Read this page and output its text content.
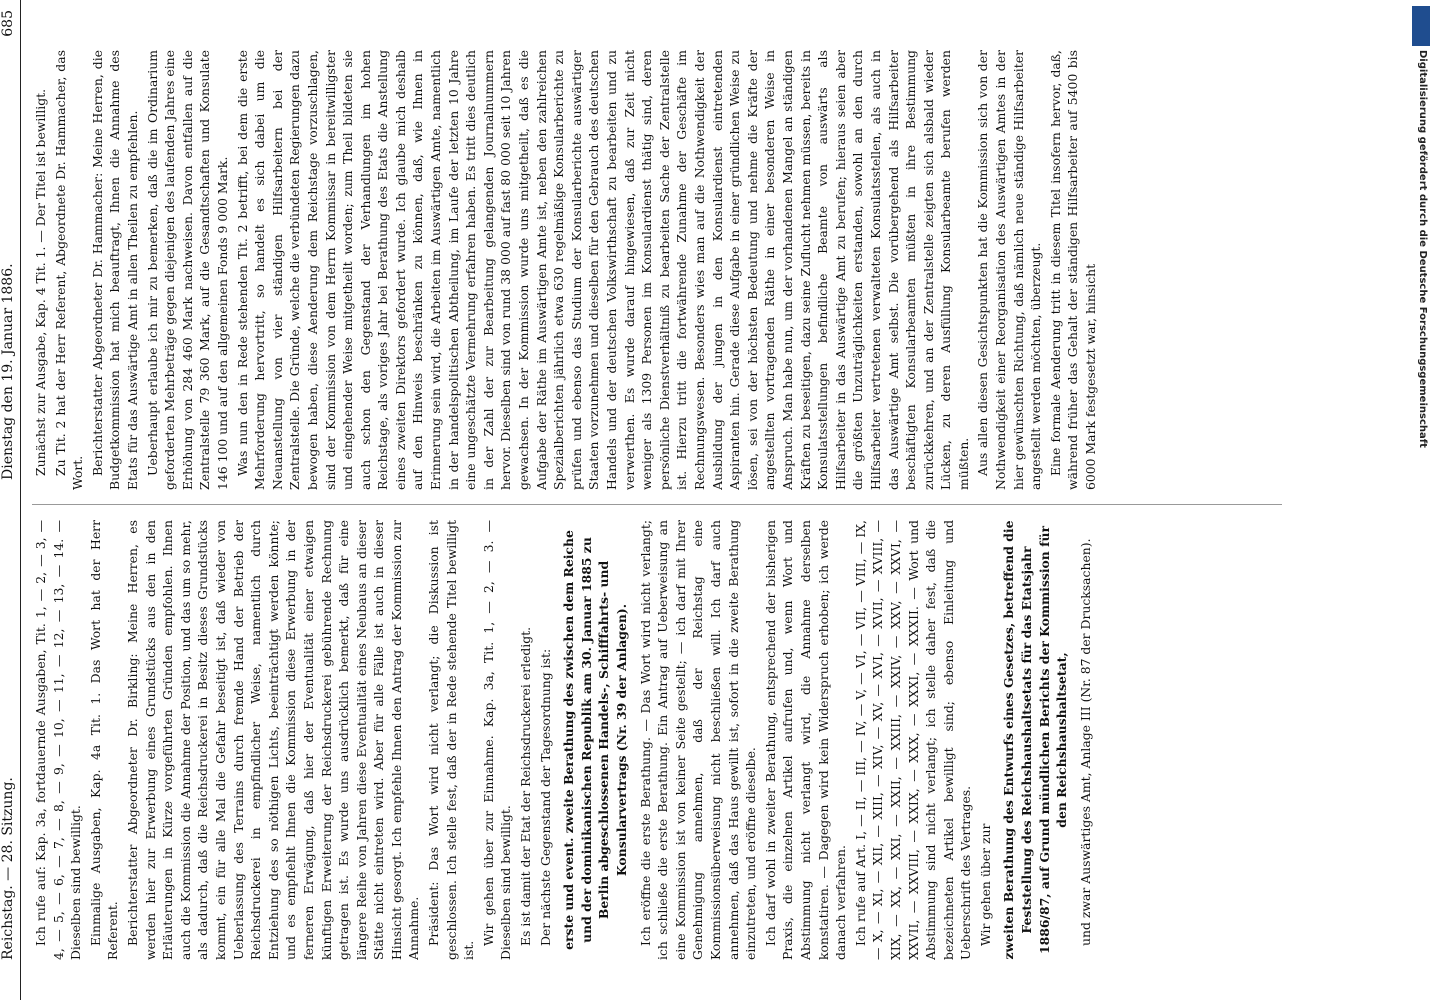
Reichstag. — 28. Sitzung.
Dienstag den 19. Januar 1886.
685

Ich rufe auf: Kap. 3a, fortdauernde Ausgaben, Tit. 1, — 2, — 3, — 4, — 5, — 6, — 7, — 8, — 9, — 10, — 11, — 12, — 13, — 14. — Dieselben sind bewilligt. Einmalige Ausgaben, Kap. 4a Tit. 1. Das Wort hat der Herr Referent. Berichterstatter Abgeordneter Dr. Birkling: Meine Herren, es werden hier zur Erwerbung eines Grundstücks aus den in den Erläuterungen in Kürze vorgeführten Gründen empfohlen. Ihnen auch die Kommission die Annahme der Position, und das um so mehr, als dadurch, daß die Reichsdruckerei in Besitz dieses Grundstücks kommt, ein für alle Mal die Gefahr beseitigt ist, daß wieder von Ueberlassung des Terrains durch fremde Hand der Betrieb der Reichsdruckerei in empfindlicher Weise, namentlich durch Entziehung des so nöthigen Lichts, beeinträchtigt werden könnte; und es empfiehlt Ihnen die Kommission diese Erwerbung in der ferneren Erwägung, daß hier der Eventualität einer etwaigen künftigen Erweiterung der Reichsdruckerei gebührende Rechnung getragen ist. Es wurde uns ausdrücklich bemerkt, daß für eine längere Reihe von Jahren diese Eventualität eines Neubaus an dieser Stätte nicht eintreten wird. Aber für alle Fälle ist auch in dieser Hinsicht gesorgt. Ich empfehle Ihnen den Antrag der Kommission zur Annahme. Präsident: Das Wort wird nicht verlangt; die Diskussion ist geschlossen. Ich stelle fest, daß der in Rede stehende Titel bewilligt ist.

Wir gehen über zur Einnahme. Kap. 3a, Tit. 1, — 2, — 3. — Dieselben sind bewilligt. Es ist damit der Etat der Reichsdruckerei erledigt. Der nächste Gegenstand der Tagesordnung ist: erste und event. zweite Berathung des zwischen dem Reiche und der dominikanischen Republik am 30. Januar 1885 zu Berlin abgeschlossenen Handels-, Schifffahrts- und Konsularvertrags (Nr. 39 der Anlagen). Ich eröffne die erste Berathung. — Das Wort wird nicht verlangt; ich schließe die erste Berathung. Ein Antrag auf Ueberweisung an eine Kommission ist von keiner Seite gestellt; — ich darf mit Ihrer Genehmigung annehmen, daß der Reichstag eine Kommissionsüberweisung nicht beschließen will. Ich darf auch annehmen, daß das Haus gewillt ist, sofort in die zweite Berathung einzutreten, und eröffne dieselbe. Ich darf wohl in zweiter Berathung, entsprechend der bisherigen Praxis, die einzelnen Artikel aufrufen und, wenn Wort und Abstimmung nicht verlangt wird, die Annahme derselben konstatiren. — Dagegen wird kein Widerspruch erhoben; ich werde danach verfahren. Ich rufe auf Art. I, — II, — III, — IV, — V, — VI, — VII, — VIII, — IX, — X, — XI, — XII, — XIII, — XIV, — XV, — XVI, — XVII, — XVIII, — XIX, — XX, — XXI, — XXII, — XXIII, — XXIV, — XXV, — XXVI, — XXVII, — XXVIII, — XXIX, — XXX, — XXXI, — XXXII. — Wort und Abstimmung sind nicht verlangt; ich stelle daher fest, daß die bezeichneten Artikel bewilligt sind; ebenso Einleitung und Ueberschrift des Vertrages. Wir gehen über zur zweiten Berathung des Entwurfs eines Gesetzes, betreffend die Feststellung des Reichshaushaltsetats für das Etatsjahr 1886/87, auf Grund mündlichen Berichts der Kommission für den Reichshaushaltsetat, und zwar Auswärtiges Amt, Anlage III (Nr. 87 der Drucksachen).

Zunächst zur Ausgabe, Kap. 4 Tit. 1. — Der Titel ist bewilligt. Zu Tit. 2 hat der Herr Referent, Abgeordnete Dr. Hammacher, das Wort. Berichterstatter Abgeordneter Dr. Hammacher: Meine Herren, die Budgetkommission hat mich beauftragt, Ihnen die Annahme des Etats für das Auswärtige Amt in allen Theilen zu empfehlen. Ueberhaupt erlaube ich mir zu bemerken, daß die im Ordinarium geforderten Mehrbeträge gegen diejenigen des laufenden Jahres eine Erhöhung von 284 460 Mark nachweisen. Davon entfallen auf die Zentralstelle 79 360 Mark, auf die Gesandtschaften und Konsulate 146 100 und auf den allgemeinen Fonds 9 000 Mark. Was nun den in Rede stehenden Tit. 2 betrifft, bei dem die erste Mehrforderung hervortritt, so handelt es sich dabei um die Neuanstellung von vier ständigen Hilfsarbeitern bei der Zentralstelle. Die Gründe, welche die verbündeten Regierungen dazu bewogen haben, diese Aenderung dem Reichstage vorzuschlagen, sind der Kommission von dem Herrn Kommissar in bereitwilligster und eingehender Weise mitgetheilt worden; zum Theil bildeten sie auch schon den Gegenstand der Verhandlungen im hohen Reichstage, als voriges Jahr bei Berathung des Etats die Anstellung eines zweiten Direktors gefordert wurde. Ich glaube mich deshalb auf den Hinweis beschränken zu können, daß, wie Ihnen in Erinnerung sein wird, die Arbeiten im Auswärtigen Amte, namentlich in der handelspolitischen Abtheilung, im Laufe der letzten 10 Jahre eine ungeschätzte Vermehrung erfahren haben. Es tritt dies deutlich in der Zahl der zur Bearbeitung gelangenden Journalnummern hervor. Dieselben sind von rund 38 000 auf fast 80 000 seit 10 Jahren gewachsen. In der Kommission wurde uns mitgetheilt, daß es die Aufgabe der Räthe im Auswärtigen Amte ist, neben den zahlreichen Spezialberichten jährlich etwa 630 regelmäßige Konsularberichte zu prüfen und ebenso das Studium der Konsularberichte auswärtiger Staaten vorzunehmen und dieselben für den Gebrauch des deutschen Handels und der deutschen Volkswirthschaft zu bearbeiten und zu verwerthen. Es wurde darauf hingewiesen, daß zur Zeit nicht weniger als 1309 Personen im Konsulardienst thätig sind, deren persönliche Dienstverhältniß zu bearbeiten Sache der Zentralstelle ist. Hierzu tritt die fortwährende Zunahme der Geschäfte im Rechnungswesen. Besonders wies man auf die Nothwendigkeit der Ausbildung der jungen in den Konsulardienst eintretenden Aspiranten hin. Gerade diese Aufgabe in einer gründlichen Weise zu lösen, sei von der höchsten Bedeutung und nehme die Kräfte der angestellten vortragenden Räthe in einer besonderen Weise in Anspruch. Man habe nun, um der vorhandenen Mangel an ständigen Kräften zu beseitigen, dazu seine Zuflucht nehmen müssen, bereits in Konsulatsstellungen befindliche Beamte von auswärts als Hilfsarbeiter in das Auswärtige Amt zu berufen; hieraus seien aber die größten Unzuträglichkeiten erstanden, sowohl an den durch Hilfsarbeiter vertretenen verwalteten Konsulatsstellen, als auch in das Auswärtige Amt selbst. Die vorübergehend als Hilfsarbeiter beschäftigten Konsularbeamten müßten in ihre Bestimmung zurückkehren, und an der Zentralstelle zeigten sich alsbald wieder Lücken, zu deren Ausfüllung Konsularbeamte berufen werden müßten. Aus allen diesen Gesichtspunkten hat die Kommission sich von der Nothwendigkeit einer Reorganisation des Auswärtigen Amtes in der hier gewünschten Richtung, daß nämlich neue ständige Hilfsarbeiter angestellt werden möchten, überzeugt. Eine formale Aenderung tritt in diesem Titel insofern hervor, daß, während früher das Gehalt der ständigen Hilfsarbeiter auf 5400 bis 6000 Mark festgesetzt war, hinsicht	Digitalisierung gefördert durch die Deutsche Forschungsgemeinschaft
